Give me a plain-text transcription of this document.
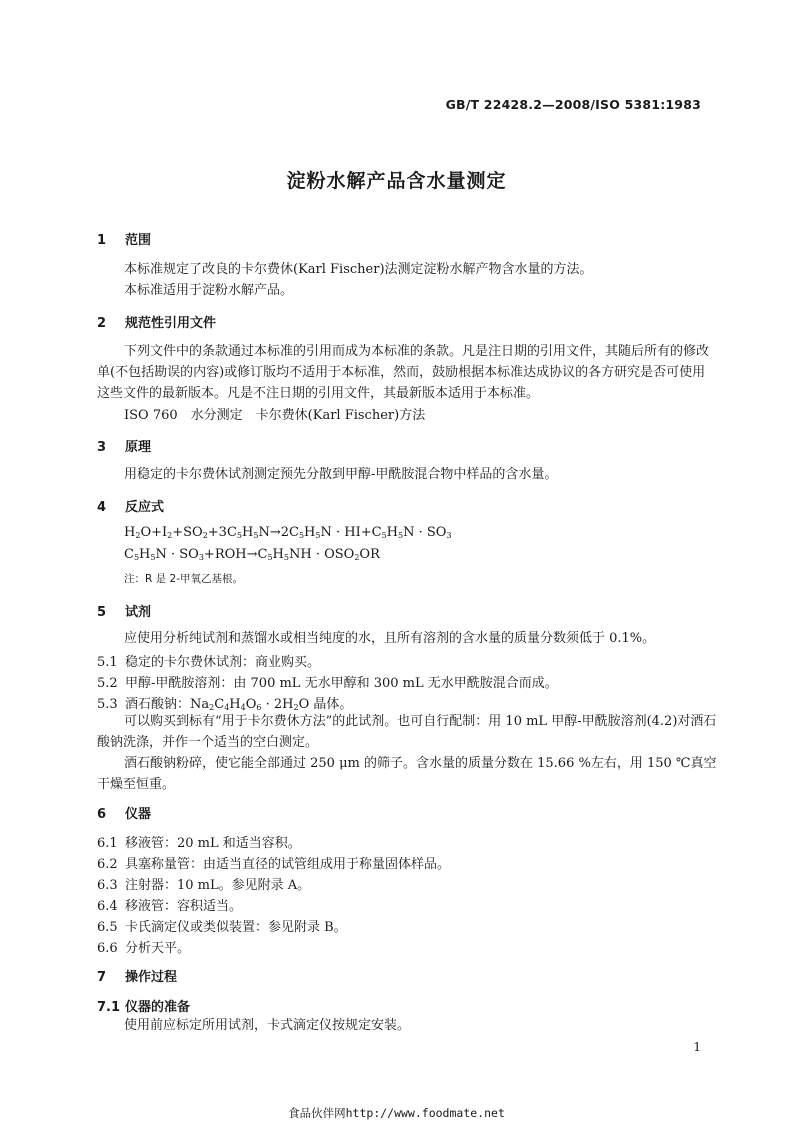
GB/T 22428.2—2008/ISO 5381:1983
淀粉水解产品含水量测定
1 范围
本标准规定了改良的卡尔费休(Karl Fischer)法测定淀粉水解产物含水量的方法。
本标准适用于淀粉水解产品。
2 规范性引用文件
下列文件中的条款通过本标准的引用而成为本标准的条款。凡是注日期的引用文件，其随后所有的修改单(不包括勘误的内容)或修订版均不适用于本标准，然而，鼓励根据本标准达成协议的各方研究是否可使用这些文件的最新版本。凡是不注日期的引用文件，其最新版本适用于本标准。
ISO 760　 水分测定　卡尔费休(Karl Fischer)方法
3 原理
用稳定的卡尔费休试剂测定预先分散到甲醇-甲酰胺混合物中样品的含水量。
4 反应式
$H_2O+I_2+SO_2+3C_5H_5N\to 2C_5H_5N \cdot HI+C_5H_5N \cdot SO_3$
$C_5H_5N \cdot SO_3+ROH\to C_5H_5NH \cdot OSO_2OR$
注：R 是 2-甲氧乙基根。
5 试剂
应使用分析纯试剂和蒸馏水或相当纯度的水，且所有溶剂的含水量的质量分数须低于 0.1%。
5.1 稳定的卡尔费休试剂：商业购买。
5.2 甲醇-甲酰胺溶剂：由 700 mL 无水甲醇和 300 mL 无水甲酰胺混合而成。
5.3 酒石酸钠：$Na_2C_4H_4O_6 \cdot 2H_2O$ 晶体。
可以购买到标有“用于卡尔费休方法”的此试剂。也可自行配制：用 10 mL 甲醇-甲酰胺溶剂(4.2)对酒石酸钠洗涤，并作一个适当的空白测定。
酒石酸钠粉碎，使它能全部通过 250 μm 的筛子。含水量的质量分数在 15.66 %左右，用 150 ℃真空干燥至恒重。
6 仪器
6.1 移液管：20 mL 和适当容积。
6.2 具塞称量管：由适当直径的试管组成用于称量固体样品。
6.3 注射器：10 mL。参见附录 A。
6.4 移液管：容积适当。
6.5 卡氏滴定仪或类似装置：参见附录 B。
6.6 分析天平。
7 操作过程
7.1 仪器的准备
使用前应标定所用试剂，卡式滴定仪按规定安装。
1
食品伙伴网http://www.foodmate.net
